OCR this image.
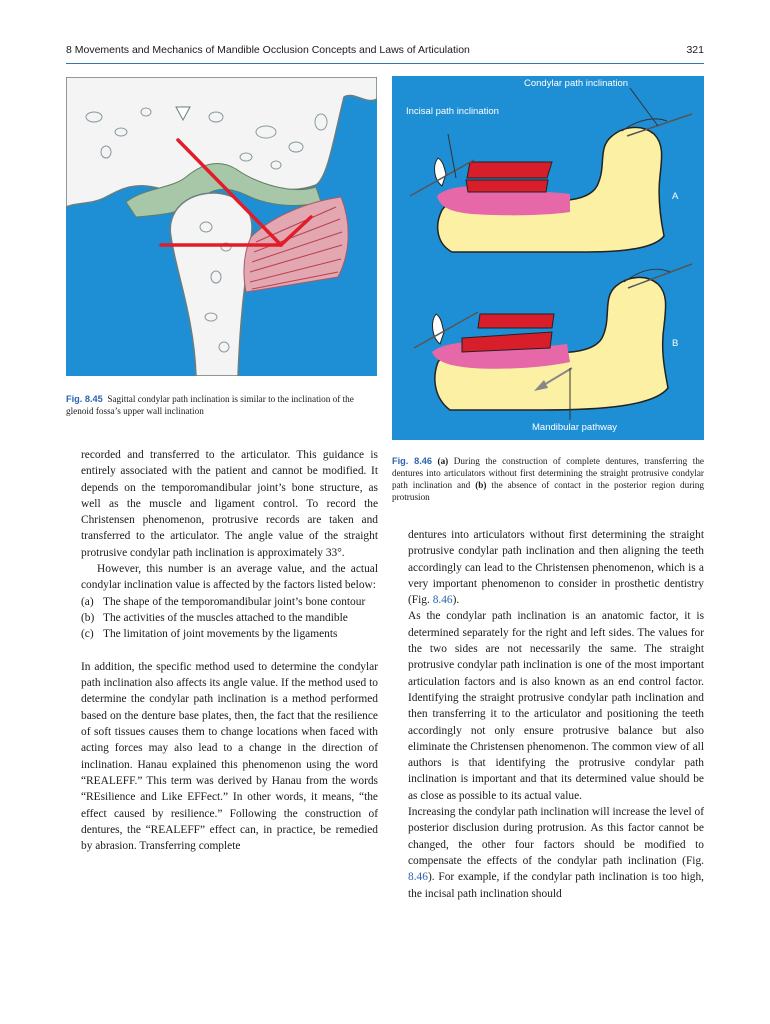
8 Movements and Mechanics of Mandible Occlusion Concepts and Laws of Articulation	321
Fig. 8.45 Sagittal condylar path inclination is similar to the inclination of the glenoid fossa’s upper wall inclination
Condylar path inclination
Incisal path inclination
A
B
Mandibular pathway
Fig. 8.46 (a) During the construction of complete dentures, transferring the dentures into articulators without first determining the straight protrusive condylar path inclination and (b) the absence of contact in the posterior region during protrusion

recorded and transferred to the articulator. This guidance is entirely associated with the patient and cannot be modified. It depends on the temporomandibular joint’s bone structure, as well as the muscle and ligament control. To record the Christensen phenomenon, protrusive records are taken and transferred to the articulator. The angle value of the straight protrusive condylar path inclination is approximately 33°.

However, this number is an average value, and the actual condylar inclination value is affected by the factors listed below:

(a) The shape of the temporomandibular joint’s bone contour
(b) The activities of the muscles attached to the mandible
(c) The limitation of joint movements by the ligaments

In addition, the specific method used to determine the condylar path inclination also affects its angle value. If the method used to determine the condylar path inclination is a method performed based on the denture base plates, then, the fact that the resilience of soft tissues causes them to change locations when faced with acting forces may also lead to a change in the direction of inclination. Hanau explained this phenomenon using the word “REALEFF.” This term was derived by Hanau from the words “REsilience and Like EFFect.” In other words, it means, “the effect caused by resilience.” Following the construction of dentures, the “REALEFF” effect can, in practice, be remedied by abrasion. Transferring complete

dentures into articulators without first determining the straight protrusive condylar path inclination and then aligning the teeth accordingly can lead to the Christensen phenomenon, which is a very important phenomenon to consider in prosthetic dentistry (Fig. 8.46).

As the condylar path inclination is an anatomic factor, it is determined separately for the right and left sides. The values for the two sides are not necessarily the same. The straight protrusive condylar path inclination is one of the most important articulation factors and is also known as an end control factor. Identifying the straight protrusive condylar path inclination and then transferring it to the articulator and positioning the teeth accordingly not only ensure protrusive balance but also eliminate the Christensen phenomenon. The common view of all authors is that identifying the protrusive condylar path inclination is important and that its determined value should be as close as possible to its actual value.

Increasing the condylar path inclination will increase the level of posterior disclusion during protrusion. As this factor cannot be changed, the other four factors should be modified to compensate the effects of the condylar path inclination (Fig. 8.46). For example, if the condylar path inclination is too high, the incisal path inclination should
